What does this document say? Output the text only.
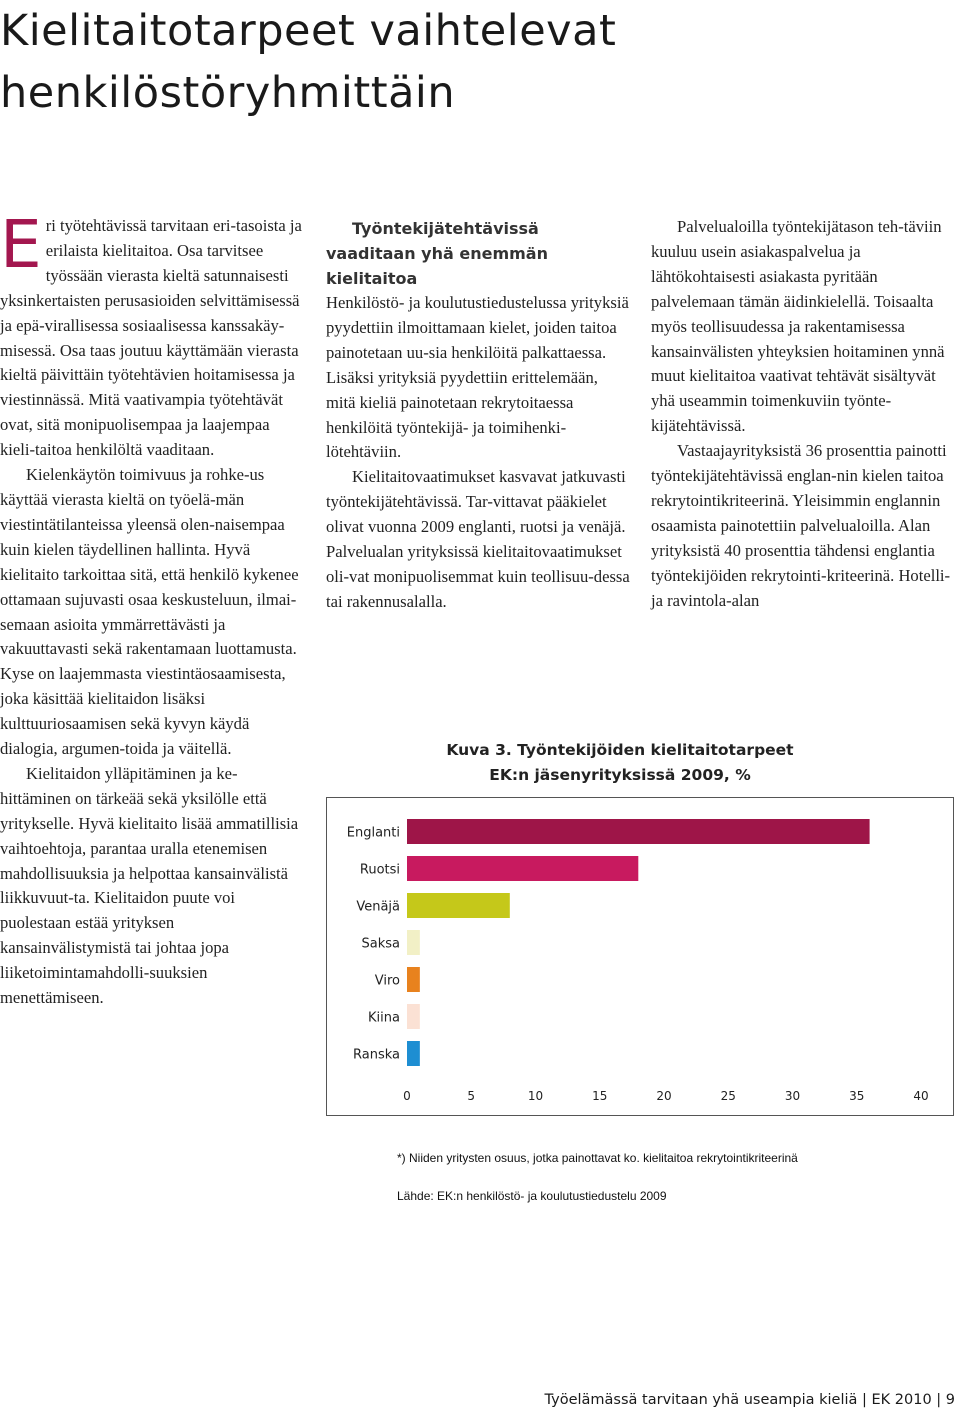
Kielitaitotarpeet vaihtelevat
henkilöstöryhmittäin

Eri työtehtävissä tarvitaan eri-tasoista ja erilaista kielitaitoa. Osa tarvitsee työssään vierasta kieltä satunnaisesti yksinkertaisten perusasioiden selvittämisessä ja epä-virallisessa sosiaalisessa kanssakäy-misessä. Osa taas joutuu käyttämään vierasta kieltä päivittäin työtehtävien hoitamisessa ja viestinnässä. Mitä vaativampia työtehtävät ovat, sitä monipuolisempaa ja laajempaa kieli-taitoa henkilöltä vaaditaan.

Kielenkäytön toimivuus ja rohke-us käyttää vierasta kieltä on työelä-män viestintätilanteissa yleensä olen-naisempaa kuin kielen täydellinen hallinta. Hyvä kielitaito tarkoittaa sitä, että henkilö kykenee ottamaan sujuvasti osaa keskusteluun, ilmai-semaan asioita ymmärrettävästi ja vakuuttavasti sekä rakentamaan luottamusta. Kyse on laajemmasta viestintäosaamisesta, joka käsittää kielitaidon lisäksi kulttuuriosaamisen sekä kyvyn käydä dialogia, argumen-toida ja väitellä.

Kielitaidon ylläpitäminen ja ke-hittäminen on tärkeää sekä yksilölle että yritykselle. Hyvä kielitaito lisää ammatillisia vaihtoehtoja, parantaa uralla etenemisen mahdollisuuksia ja helpottaa kansainvälistä liikkuvuut-ta. Kielitaidon puute voi puolestaan estää yrityksen kansainvälistymistä tai johtaa jopa liiketoimintamahdolli-suuksien menettämiseen.

Työntekijätehtävissä vaaditaan yhä enemmän kielitaitoa

Henkilöstö- ja koulutustiedustelussa yrityksiä pyydettiin ilmoittamaan kielet, joiden taitoa painotetaan uu-sia henkilöitä palkattaessa. Lisäksi yrityksiä pyydettiin erittelemään, mitä kieliä painotetaan rekrytoitaessa henkilöitä työntekijä- ja toimihenki-lötehtäviin.

Kielitaitovaatimukset kasvavat jatkuvasti työntekijätehtävissä. Tar-vittavat pääkielet olivat vuonna 2009 englanti, ruotsi ja venäjä. Palvelualan yrityksissä kielitaitovaatimukset oli-vat monipuolisemmat kuin teollisuu-dessa tai rakennusalalla.

Palvelualoilla työntekijätason teh-täviin kuuluu usein asiakaspalvelua ja lähtökohtaisesti asiakasta pyritään palvelemaan tämän äidinkielellä. Toisaalta myös teollisuudessa ja rakentamisessa kansainvälisten yhteyksien hoitaminen ynnä muut kielitaitoa vaativat tehtävät sisältyvät yhä useammin toimenkuviin työnte-kijätehtävissä.

Vastaajayrityksistä 36 prosenttia painotti työntekijätehtävissä englan-nin kielen taitoa rekrytointikriteerinä. Yleisimmin englannin osaamista painotettiin palvelualoilla. Alan yrityksistä 40 prosenttia tähdensi englantia työntekijöiden rekrytointi-kriteerinä. Hotelli- ja ravintola-alan

Kuva 3. Työntekijöiden kielitaitotarpeet
EK:n jäsenyrityksissä 2009, %
Englanti
Ruotsi
Venäjä
Saksa
Viro
Kiina
Ranska
0	5	10	15	20	25	30	35	40
*) Niiden yritysten osuus, jotka painottavat ko. kielitaitoa rekrytointikriteerinä
Lähde: EK:n henkilöstö- ja koulutustiedustelu 2009
Työelämässä tarvitaan yhä useampia kieliä | EK 2010 | 9
